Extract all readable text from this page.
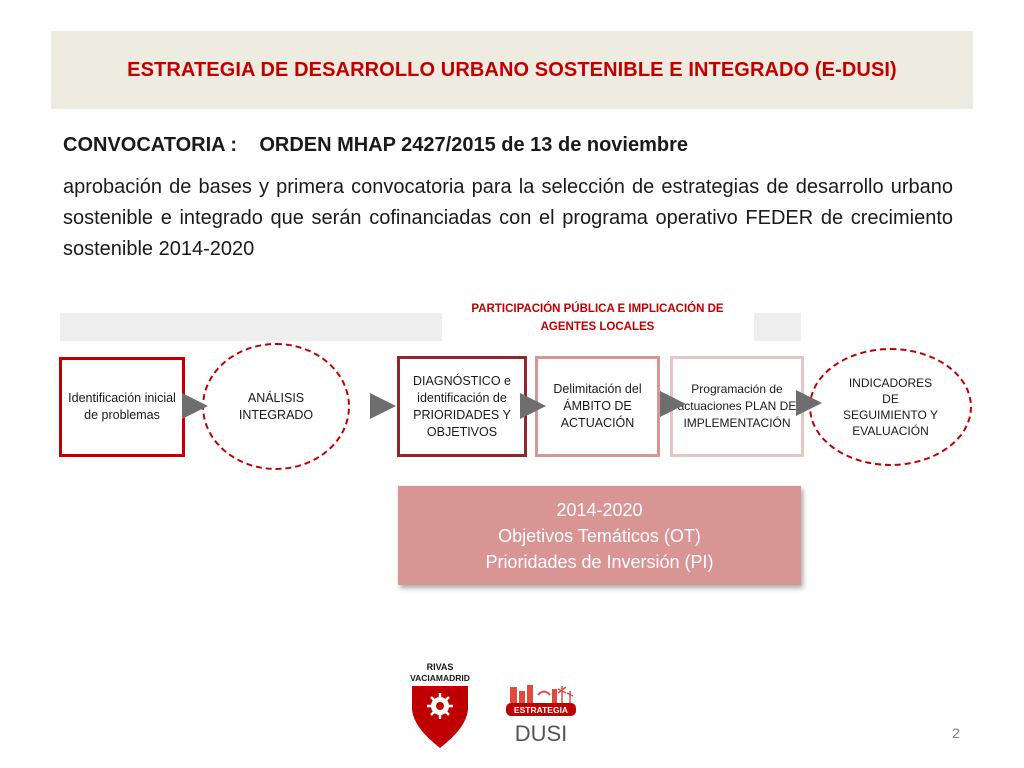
ESTRATEGIA DE DESARROLLO URBANO SOSTENIBLE E INTEGRADO (E-DUSI)
CONVOCATORIA : ORDEN MHAP 2427/2015 de 13 de noviembre
aprobación de bases y primera convocatoria para la selección de estrategias de desarrollo urbano sostenible e integrado que serán cofinanciadas con el programa operativo FEDER de crecimiento sostenible 2014-2020
PARTICIPACIÓN PÚBLICA E IMPLICACIÓN DE AGENTES LOCALES
Identificación inicial de problemas
ANÁLISIS INTEGRADO
DIAGNÓSTICO e identificación de PRIORIDADES Y OBJETIVOS
Delimitación del ÁMBITO DE ACTUACIÓN
Programación de actuaciones PLAN DE IMPLEMENTACIÓN
INDICADORES DE SEGUIMIENTO Y EVALUACIÓN
2014-2020
Objetivos Temáticos (OT)
Prioridades de Inversión (PI)
RIVAS
VACIAMADRID
ESTRATEGIA
DUSI	2
